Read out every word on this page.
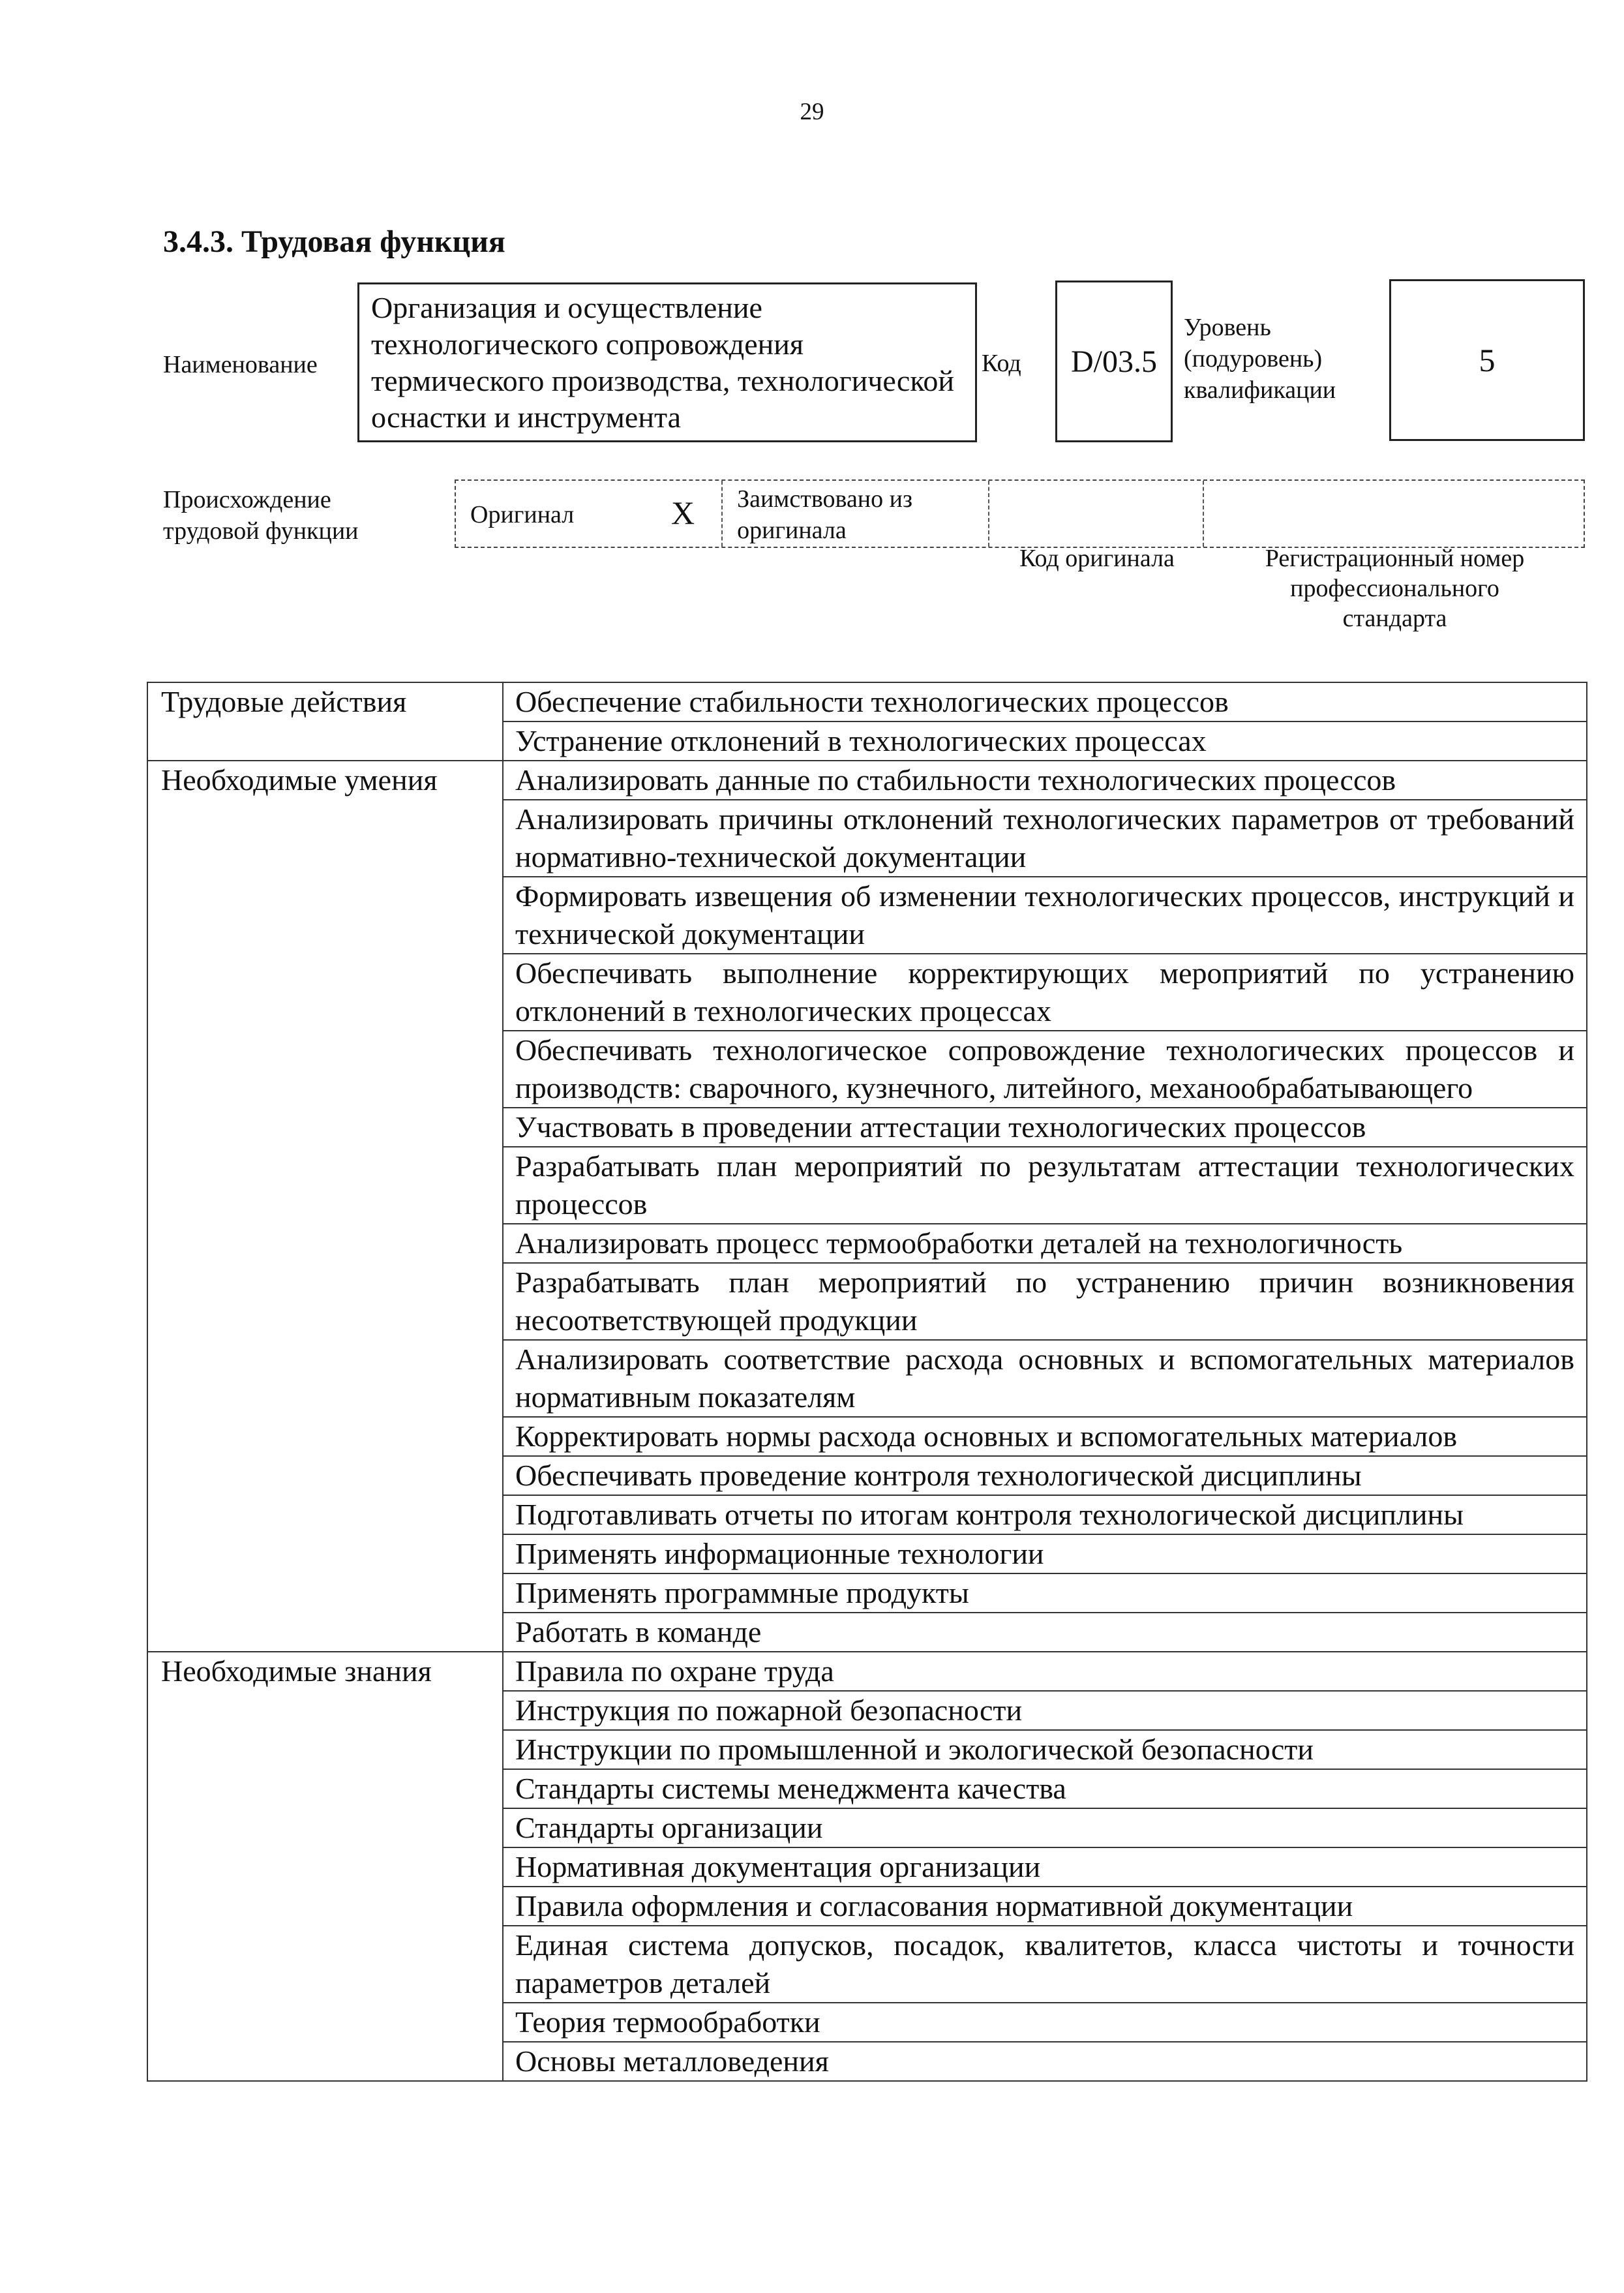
29
3.4.3. Трудовая функция
Наименование
Организация и осуществление технологического сопровождения термического производства, технологической оснастки и инструмента
Код D/03.5
Уровень
(подуровень)
квалификации
5
Происхождение
трудовой функции
Оригинал	X Заимствовано из
оригинала
Код оригинала	Регистрационный номер
профессионального
стандарта
Трудовые действия	Обеспечение стабильности технологических процессов
	Устранение отклонений в технологических процессах
Необходимые умения	Анализировать данные по стабильности технологических процессов
	Анализировать причины отклонений технологических параметров от требований нормативно-технической документации
	Формировать извещения об изменении технологических процессов, инструкций и технической документации
	Обеспечивать выполнение корректирующих мероприятий по устранению отклонений в технологических процессах
	Обеспечивать технологическое сопровождение технологических процессов и производств: сварочного, кузнечного, литейного, механообрабатывающего
	Участвовать в проведении аттестации технологических процессов
	Разрабатывать план мероприятий по результатам аттестации технологических процессов
	Анализировать процесс термообработки деталей на технологичность
	Разрабатывать план мероприятий по устранению причин возникновения несоответствующей продукции
	Анализировать соответствие расхода основных и вспомогательных материалов нормативным показателям
	Корректировать нормы расхода основных и вспомогательных материалов
	Обеспечивать проведение контроля технологической дисциплины
	Подготавливать отчеты по итогам контроля технологической дисциплины
	Применять информационные технологии
	Применять программные продукты
	Работать в команде
Необходимые знания	Правила по охране труда
	Инструкция по пожарной безопасности
	Инструкции по промышленной и экологической безопасности
	Стандарты системы менеджмента качества
	Стандарты организации
	Нормативная документация организации
	Правила оформления и согласования нормативной документации
	Единая система допусков, посадок, квалитетов, класса чистоты и точности параметров деталей
	Теория термообработки
	Основы металловедения
